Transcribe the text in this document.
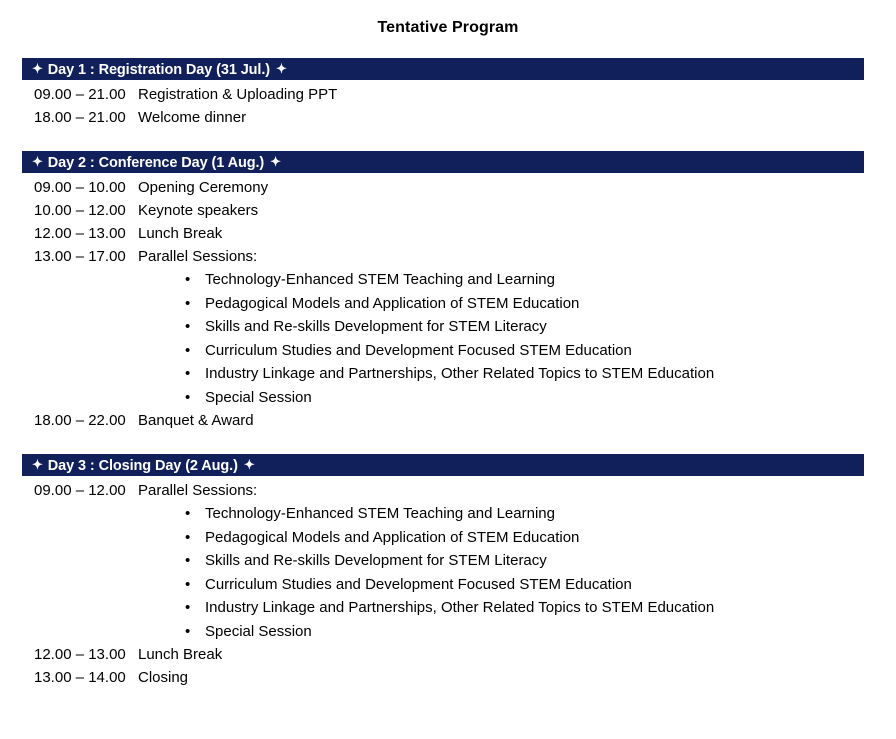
Tentative Program
✦ Day 1 : Registration Day (31 Jul.) ✦
09.00 – 21.00 Registration & Uploading PPT
18.00 – 21.00 Welcome dinner
✦ Day 2 : Conference Day (1 Aug.) ✦
09.00 – 10.00 Opening Ceremony
10.00 – 12.00 Keynote speakers
12.00 – 13.00 Lunch Break
13.00 – 17.00 Parallel Sessions:
• Technology-Enhanced STEM Teaching and Learning
• Pedagogical Models and Application of STEM Education
• Skills and Re-skills Development for STEM Literacy
• Curriculum Studies and Development Focused STEM Education
• Industry Linkage and Partnerships, Other Related Topics to STEM Education
• Special Session
18.00 – 22.00 Banquet & Award
✦ Day 3 : Closing Day (2 Aug.) ✦
09.00 – 12.00 Parallel Sessions:
• Technology-Enhanced STEM Teaching and Learning
• Pedagogical Models and Application of STEM Education
• Skills and Re-skills Development for STEM Literacy
• Curriculum Studies and Development Focused STEM Education
• Industry Linkage and Partnerships, Other Related Topics to STEM Education
• Special Session
12.00 – 13.00 Lunch Break
13.00 – 14.00 Closing
